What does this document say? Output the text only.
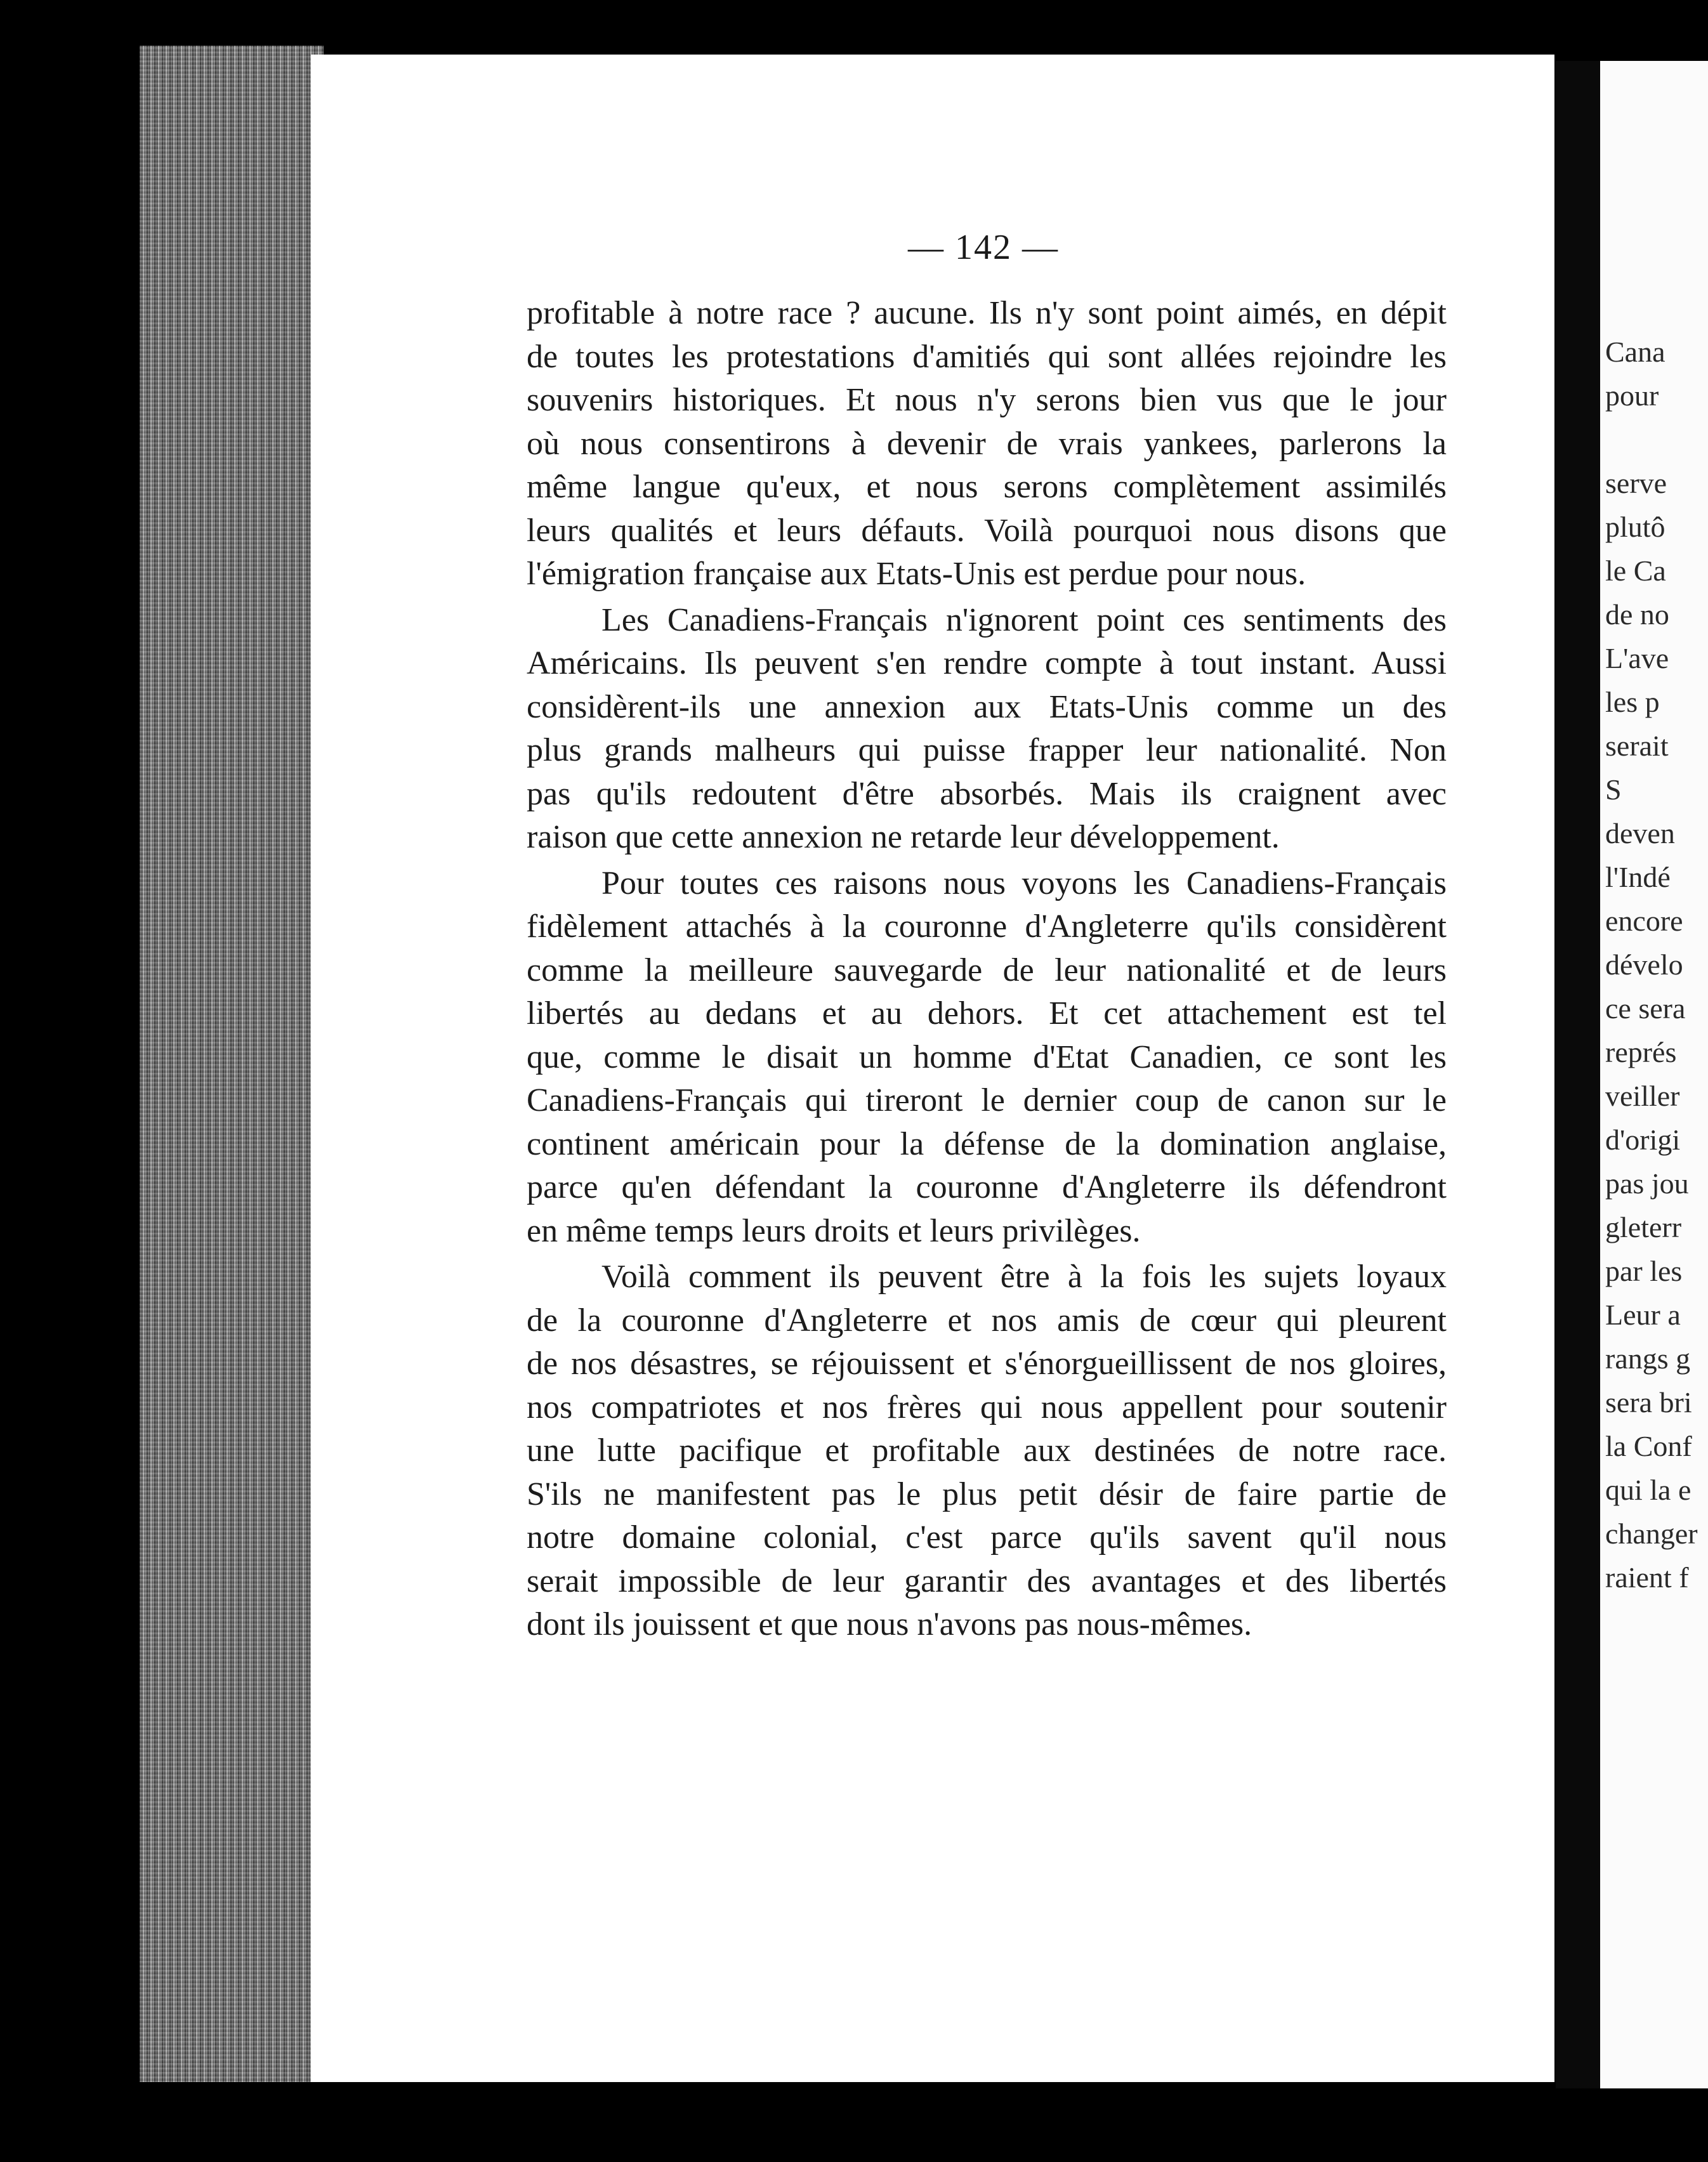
— 142 —

profitable à notre race ? aucune. Ils n'y sont point aimés, en dépit
de toutes les protestations d'amitiés qui sont allées rejoindre les
souvenirs historiques. Et nous n'y serons bien vus que le jour
où nous consentirons à devenir de vrais yankees, parlerons la
même langue qu'eux, et nous serons complètement assimilés
leurs qualités et leurs défauts. Voilà pourquoi nous disons que
l'émigration française aux Etats-Unis est perdue pour nous.

Les Canadiens-Français n'ignorent point ces sentiments des
Américains. Ils peuvent s'en rendre compte à tout instant. Aussi
considèrent-ils une annexion aux Etats-Unis comme un des
plus grands malheurs qui puisse frapper leur nationalité. Non
pas qu'ils redoutent d'être absorbés. Mais ils craignent avec
raison que cette annexion ne retarde leur développement.

Pour toutes ces raisons nous voyons les Canadiens-Français
fidèlement attachés à la couronne d'Angleterre qu'ils considèrent
comme la meilleure sauvegarde de leur nationalité et de leurs
libertés au dedans et au dehors. Et cet attachement est tel
que, comme le disait un homme d'Etat Canadien, ce sont les
Canadiens-Français qui tireront le dernier coup de canon sur le
continent américain pour la défense de la domination anglaise,
parce qu'en défendant la couronne d'Angleterre ils défendront
en même temps leurs droits et leurs privilèges.

Voilà comment ils peuvent être à la fois les sujets loyaux
de la couronne d'Angleterre et nos amis de cœur qui pleurent
de nos désastres, se réjouissent et s'énorgueillissent de nos gloires,
nos compatriotes et nos frères qui nous appellent pour soutenir
une lutte pacifique et profitable aux destinées de notre race.
S'ils ne manifestent pas le plus petit désir de faire partie de
notre domaine colonial, c'est parce qu'ils savent qu'il nous
serait impossible de leur garantir des avantages et des libertés
dont ils jouissent et que nous n'avons pas nous-mêmes.

Cana
pour
serve
plutô
le Ca
de no
L'ave
les p
serait
S
deven
l'Indé
encore
dévelo
ce sera
représ
veiller
d'origi
pas jou
gleterr
par les
Leur a
rangs g
sera bri
la Conf
qui la e
changer
raient f
